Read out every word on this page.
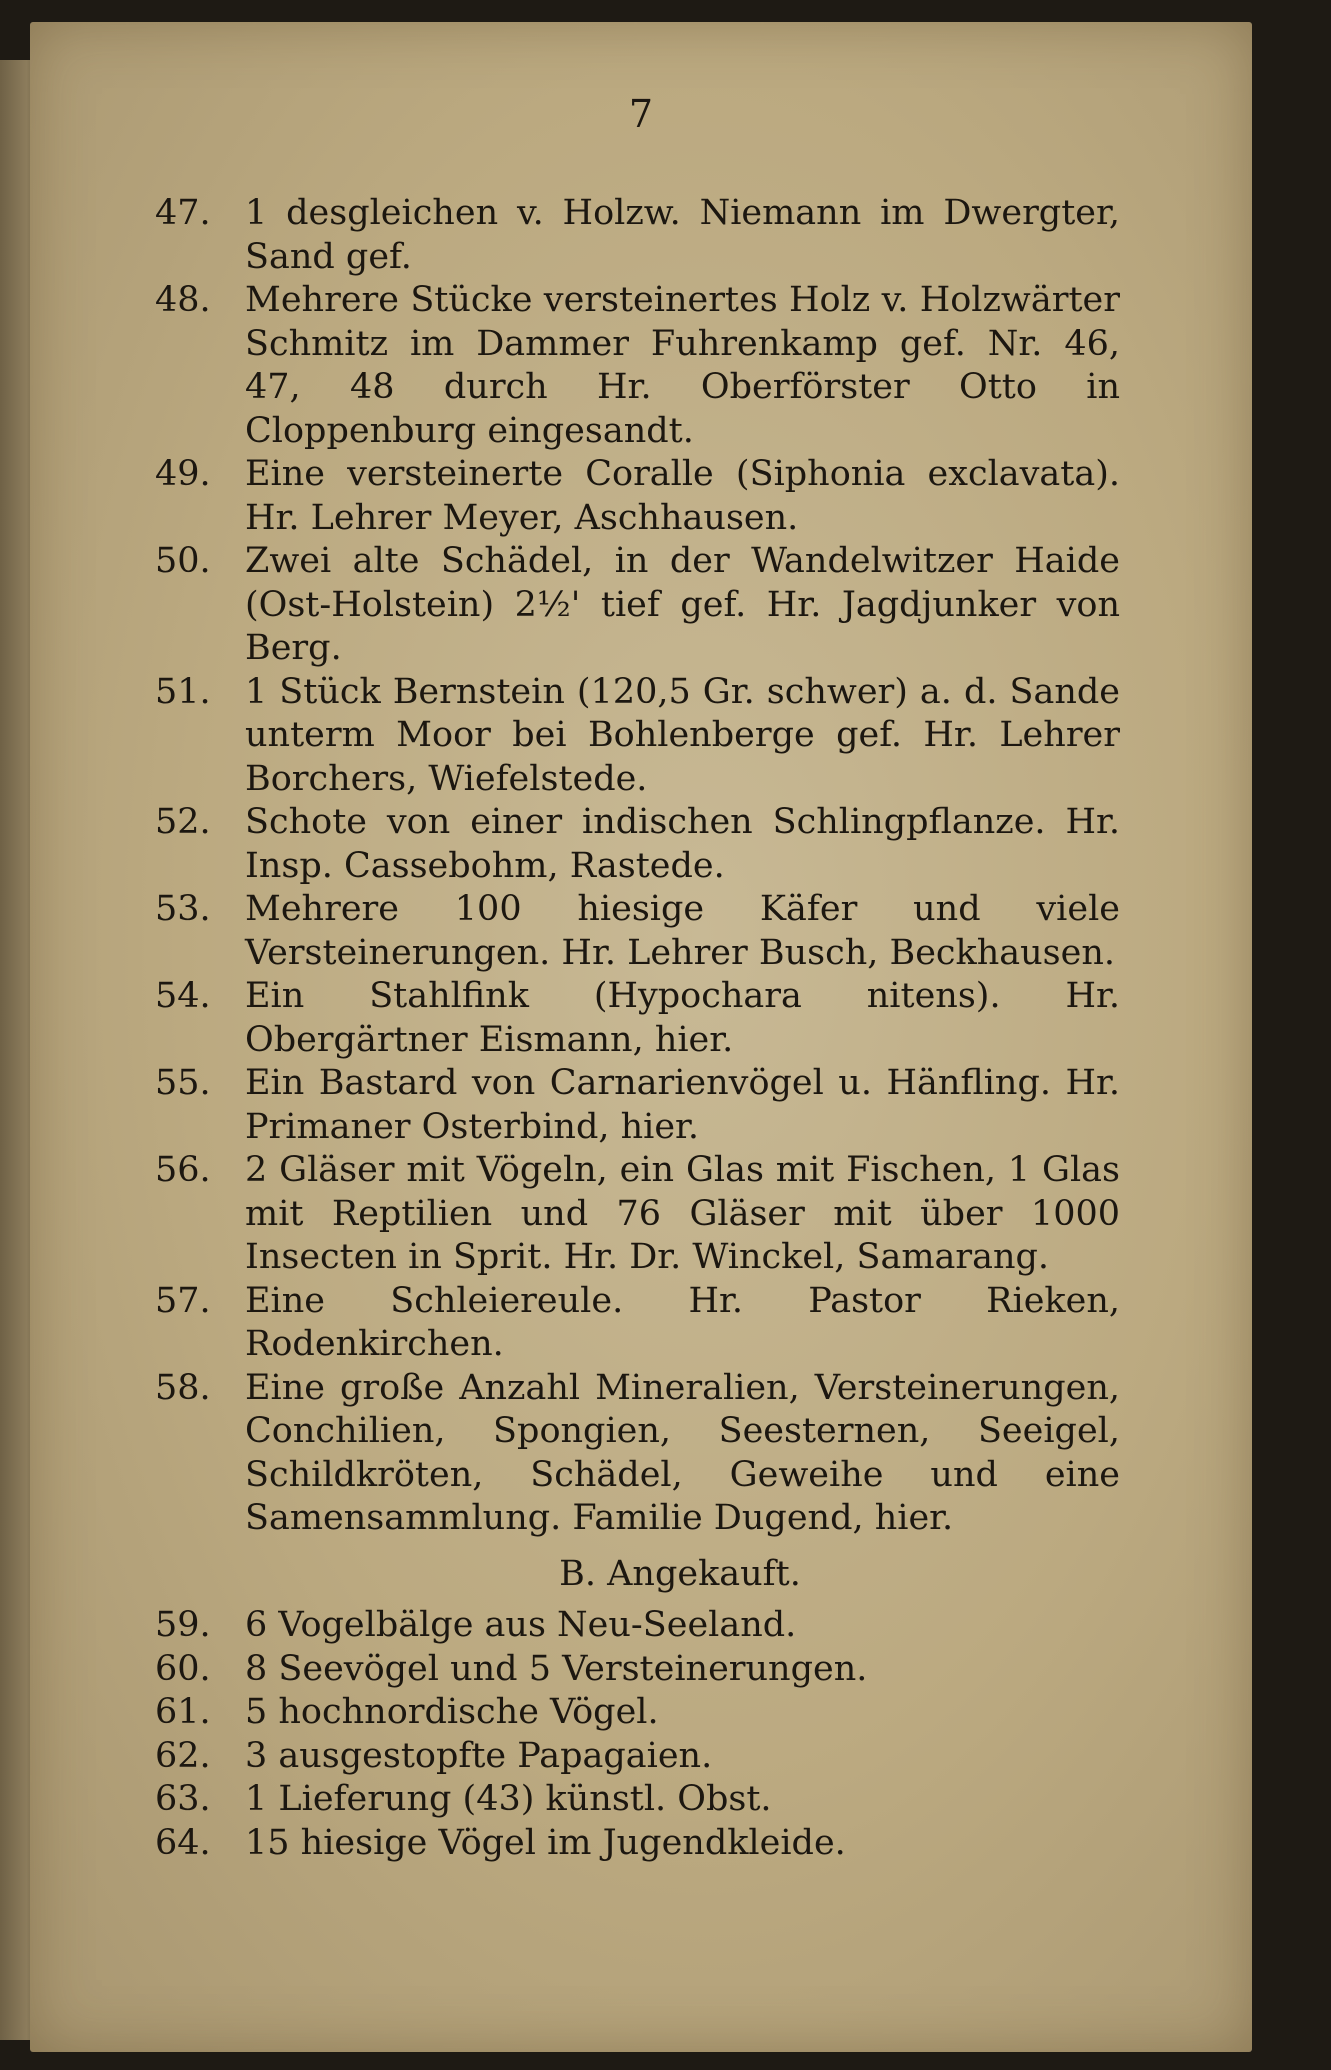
7
47. 1 desgleichen v. Holzw. Niemann im Dwergter, Sand gef.
48. Mehrere Stücke versteinertes Holz v. Holzwärter Schmitz im Dammer Fuhrenkamp gef. Nr. 46, 47, 48 durch Hr. Oberförster Otto in Cloppenburg eingesandt.
49. Eine versteinerte Coralle (Siphonia exclavata). Hr. Lehrer Meyer, Aschhausen.
50. Zwei alte Schädel, in der Wandelwitzer Haide (Ost-Holstein) 2½' tief gef. Hr. Jagdjunker von Berg.
51. 1 Stück Bernstein (120,5 Gr. schwer) a. d. Sande unterm Moor bei Bohlenberge gef. Hr. Lehrer Borchers, Wiefelstede.
52. Schote von einer indischen Schlingpflanze. Hr. Insp. Cassebohm, Rastede.
53. Mehrere 100 hiesige Käfer und viele Versteinerungen. Hr. Lehrer Busch, Beckhausen.
54. Ein Stahlfink (Hypochara nitens). Hr. Obergärtner Eismann, hier.
55. Ein Bastard von Carnarienvögel u. Hänfling. Hr. Primaner Osterbind, hier.
56. 2 Gläser mit Vögeln, ein Glas mit Fischen, 1 Glas mit Reptilien und 76 Gläser mit über 1000 Insecten in Sprit. Hr. Dr. Winckel, Samarang.
57. Eine Schleiereule. Hr. Pastor Rieken, Rodenkirchen.
58. Eine große Anzahl Mineralien, Versteinerungen, Conchilien, Spongien, Seesternen, Seeigel, Schildkröten, Schädel, Geweihe und eine Samensammlung. Familie Dugend, hier.
B. Angekauft.
59. 6 Vogelbälge aus Neu-Seeland.
60. 8 Seevögel und 5 Versteinerungen.
61. 5 hochnordische Vögel.
62. 3 ausgestopfte Papagaien.
63. 1 Lieferung (43) künstl. Obst.
64. 15 hiesige Vögel im Jugendkleide.
